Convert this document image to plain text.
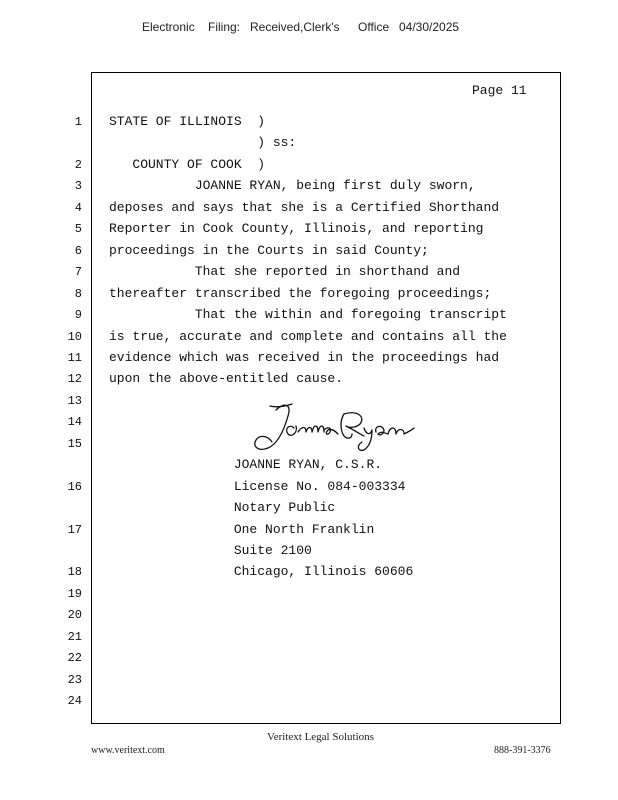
Electronic Filing: Received,Clerk's Office 04/30/2025
Page 11
1 STATE OF ILLINOIS  )
) ss:
2 COUNTY OF COOK  )
3 JOANNE RYAN, being first duly sworn,
4 deposes and says that she is a Certified Shorthand
5 Reporter in Cook County, Illinois, and reporting
6 proceedings in the Courts in said County;
7 That she reported in shorthand and
8 thereafter transcribed the foregoing proceedings;
9 That the within and foregoing transcript
10 is true, accurate and complete and contains all the
11 evidence which was received in the proceedings had
12 upon the above-entitled cause.
13
14
15
JOANNE RYAN, C.S.R.
16 License No. 084-003334
Notary Public
17 One North Franklin
Suite 2100
18 Chicago, Illinois 60606
19
20
21
22
23
24
Veritext Legal Solutions
www.veritext.com	888-391-3376
